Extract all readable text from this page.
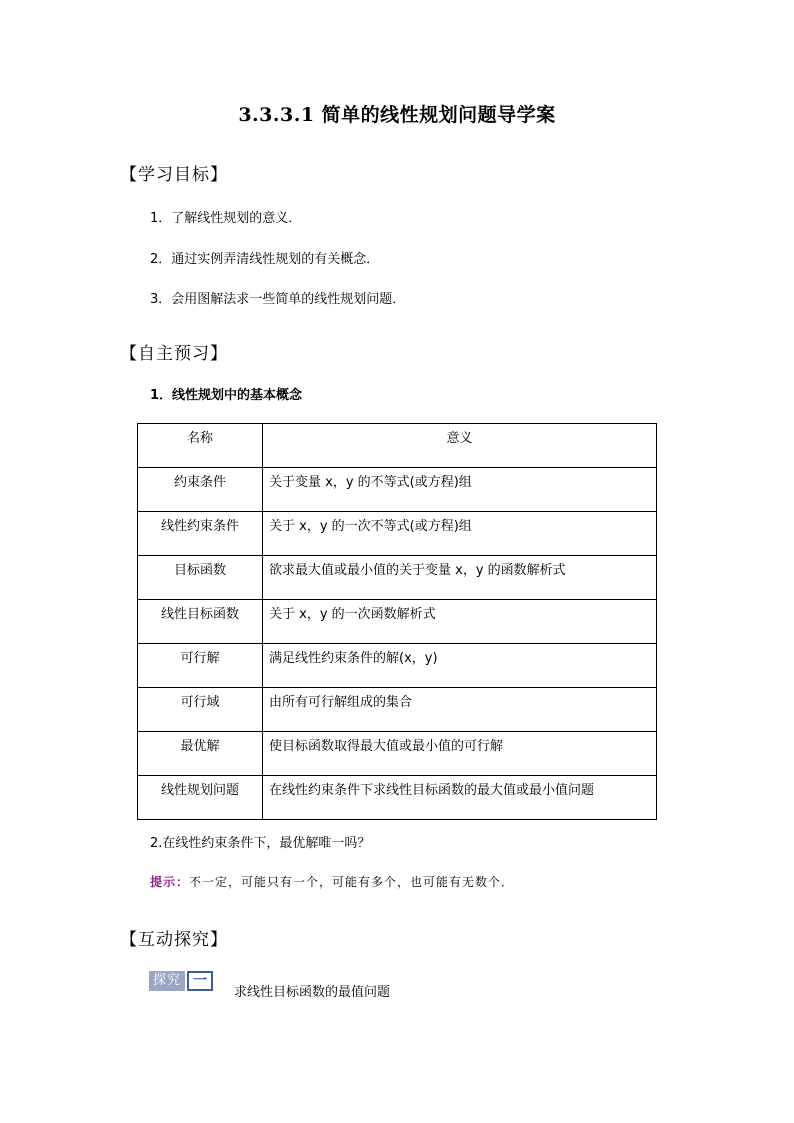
3.3.3.1 简单的线性规划问题导学案
【学习目标】
1．了解线性规划的意义．
2．通过实例弄清线性规划的有关概念．
3．会用图解法求一些简单的线性规划问题．
【自主预习】
1．线性规划中的基本概念
名称	意义
约束条件	关于变量 x，y 的不等式(或方程)组
线性约束条件	关于 x，y 的一次不等式(或方程)组
目标函数	欲求最大值或最小值的关于变量 x，y 的函数解析式
线性目标函数	关于 x，y 的一次函数解析式
可行解	满足线性约束条件的解(x，y)
可行域	由所有可行解组成的集合
最优解	使目标函数取得最大值或最小值的可行解
线性规划问题	在线性约束条件下求线性目标函数的最大值或最小值问题
2.在线性约束条件下，最优解唯一吗？
提示：不一定，可能只有一个，可能有多个，也可能有无数个．
【互动探究】
探究 一
求线性目标函数的最值问题
